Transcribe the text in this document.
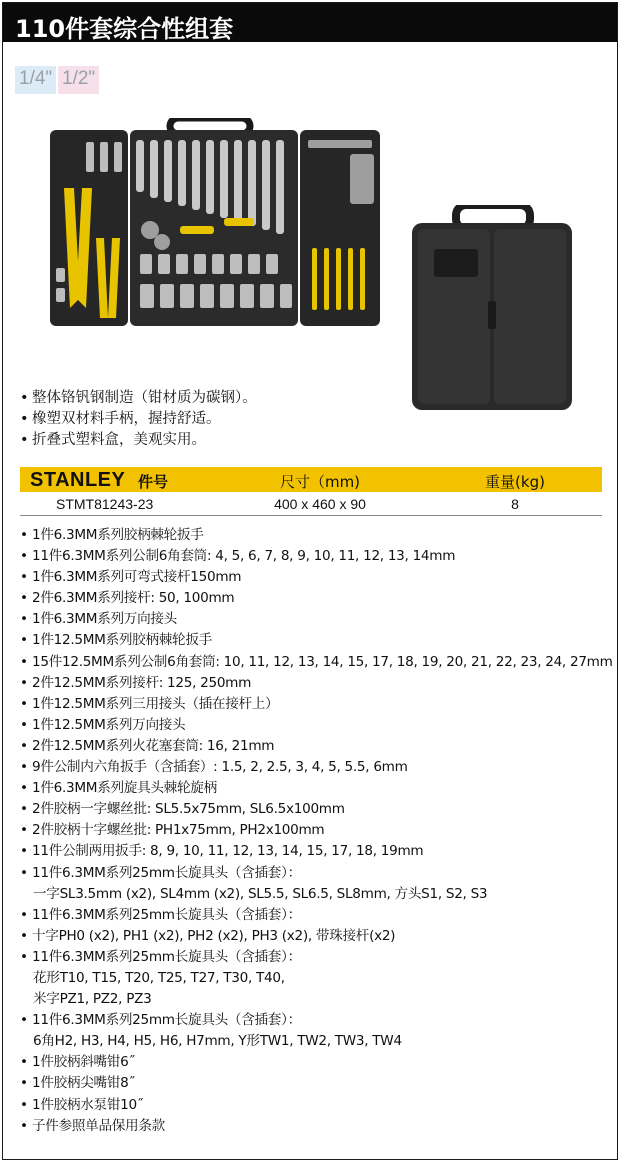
110件套综合性组套
1/4" 1/2"
• 整体铬钒钢制造（钳材质为碳钢）。
• 橡塑双材料手柄，握持舒适。
• 折叠式塑料盒，美观实用。
STANLEY 件号	尺寸（mm)	重量(kg)
STMT81243-23	400 x 460 x 90	8
• 1件6.3MM系列胶柄棘轮扳手
• 11件6.3MM系列公制6角套筒: 4, 5, 6, 7, 8, 9, 10, 11, 12, 13, 14mm
• 1件6.3MM系列可弯式接杆150mm
• 2件6.3MM系列接杆: 50, 100mm
• 1件6.3MM系列万向接头
• 1件12.5MM系列胶柄棘轮扳手
• 15件12.5MM系列公制6角套筒: 10, 11, 12, 13, 14, 15, 17, 18, 19, 20, 21, 22, 23, 24, 27mm
• 2件12.5MM系列接杆: 125, 250mm
• 1件12.5MM系列三用接头（插在接杆上）
• 1件12.5MM系列万向接头
• 2件12.5MM系列火花塞套筒: 16, 21mm
• 9件公制内六角扳手（含插套）: 1.5, 2, 2.5, 3, 4, 5, 5.5, 6mm
• 1件6.3MM系列旋具头棘轮旋柄
• 2件胶柄一字螺丝批: SL5.5x75mm, SL6.5x100mm
• 2件胶柄十字螺丝批: PH1x75mm, PH2x100mm
• 11件公制两用扳手: 8, 9, 10, 11, 12, 13, 14, 15, 17, 18, 19mm
• 11件6.3MM系列25mm长旋具头（含插套）：
一字SL3.5mm (x2), SL4mm (x2), SL5.5, SL6.5, SL8mm, 方头S1, S2, S3
• 11件6.3MM系列25mm长旋具头（含插套）：
• 十字PH0 (x2), PH1 (x2), PH2 (x2), PH3 (x2), 带珠接杆(x2)
• 11件6.3MM系列25mm长旋具头（含插套）：
花形T10, T15, T20, T25, T27, T30, T40,
米字PZ1, PZ2, PZ3
• 11件6.3MM系列25mm长旋具头（含插套）：
6角H2, H3, H4, H5, H6, H7mm, Y形TW1, TW2, TW3, TW4
• 1件胶柄斜嘴钳6˝
• 1件胶柄尖嘴钳8˝
• 1件胶柄水泵钳10˝
• 子件参照单品保用条款
